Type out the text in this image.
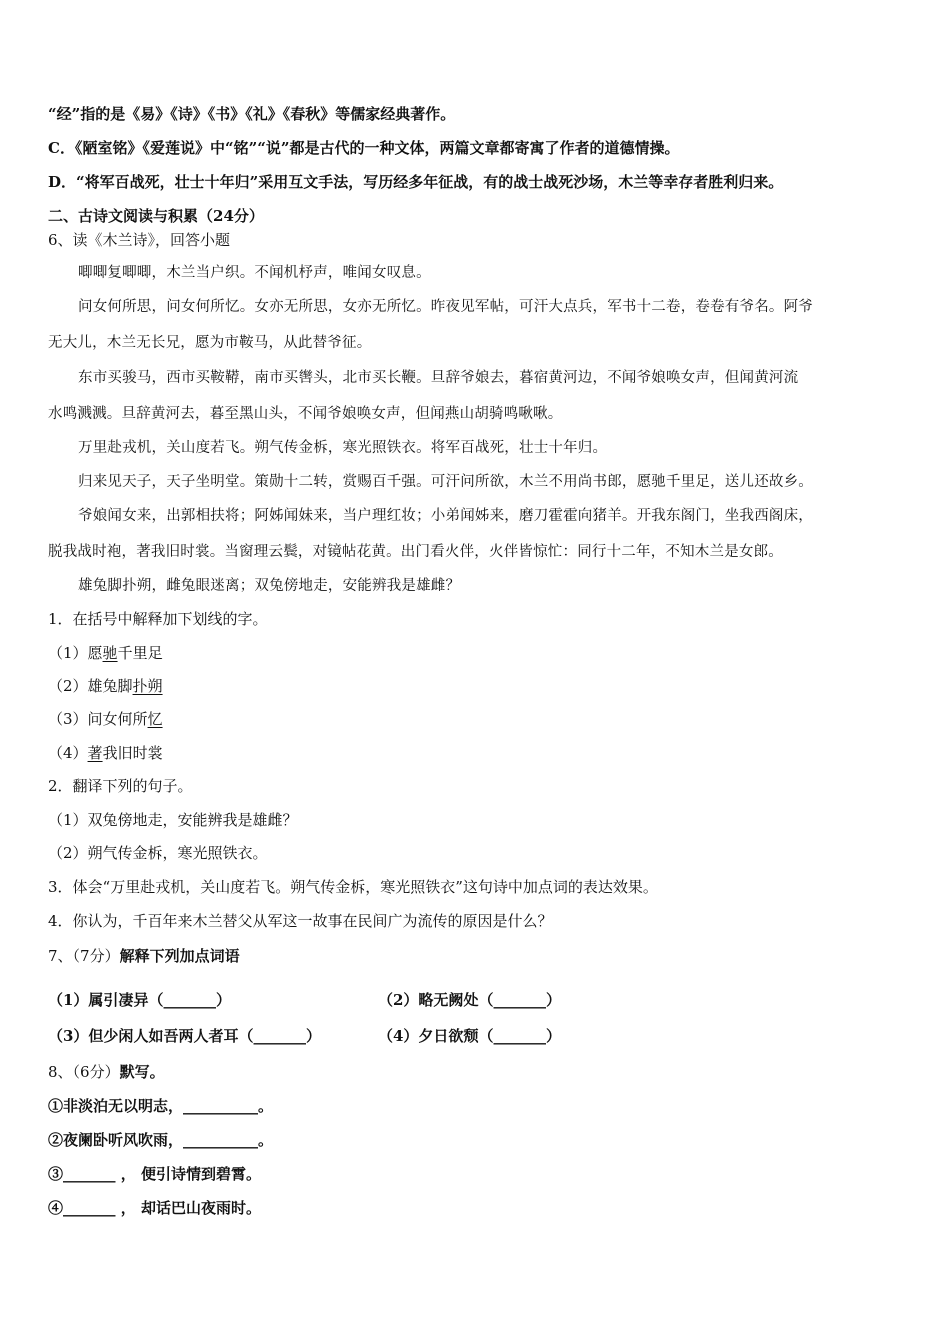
“经”指的是《易》《诗》《书》《礼》《春秋》等儒家经典著作。
C．《陋室铭》《爱莲说》中“铭”“说”都是古代的一种文体，两篇文章都寄寓了作者的道德情操。
D．“将军百战死，壮士十年归”采用互文手法，写历经多年征战，有的战士战死沙场，木兰等幸存者胜利归来。
二、古诗文阅读与积累（24分）
6、读《木兰诗》，回答小题
唧唧复唧唧，木兰当户织。不闻机杼声，唯闻女叹息。
问女何所思，问女何所忆。女亦无所思，女亦无所忆。昨夜见军帖，可汗大点兵，军书十二卷，卷卷有爷名。阿爷
无大儿，木兰无长兄，愿为市鞍马，从此替爷征。
东市买骏马，西市买鞍鞯，南市买辔头，北市买长鞭。旦辞爷娘去，暮宿黄河边，不闻爷娘唤女声，但闻黄河流
水鸣溅溅。旦辞黄河去，暮至黑山头，不闻爷娘唤女声，但闻燕山胡骑鸣啾啾。
万里赴戎机，关山度若飞。朔气传金柝，寒光照铁衣。将军百战死，壮士十年归。
归来见天子，天子坐明堂。策勋十二转，赏赐百千强。可汗问所欲，木兰不用尚书郎，愿驰千里足，送儿还故乡。
爷娘闻女来，出郭相扶将；阿姊闻妹来，当户理红妆；小弟闻姊来，磨刀霍霍向猪羊。开我东阁门，坐我西阁床，
脱我战时袍，著我旧时裳。当窗理云鬓，对镜帖花黄。出门看火伴，火伴皆惊忙：同行十二年，不知木兰是女郎。
雄兔脚扑朔，雌兔眼迷离；双兔傍地走，安能辨我是雄雌？
1．在括号中解释加下划线的字。
（1）愿驰千里足
（2）雄兔脚扑朔
（3）问女何所忆
（4）著我旧时裳
2．翻译下列的句子。
（1）双兔傍地走，安能辨我是雄雌？
（2）朔气传金柝，寒光照铁衣。
3．体会“万里赴戎机，关山度若飞。朔气传金柝，寒光照铁衣”这句诗中加点词的表达效果。
4．你认为，千百年来木兰替父从军这一故事在民间广为流传的原因是什么？
7、（7分）解释下列加点词语
（1）属引凄异（_______）	（2）略无阙处（_______）
（3）但少闲人如吾两人者耳（_______）	（4）夕日欲颓（_______）
8、（6分）默写。
①非淡泊无以明志，__________。
②夜阑卧听风吹雨，__________。
③_______ ， 便引诗情到碧霄。
④_______ ， 却话巴山夜雨时。
